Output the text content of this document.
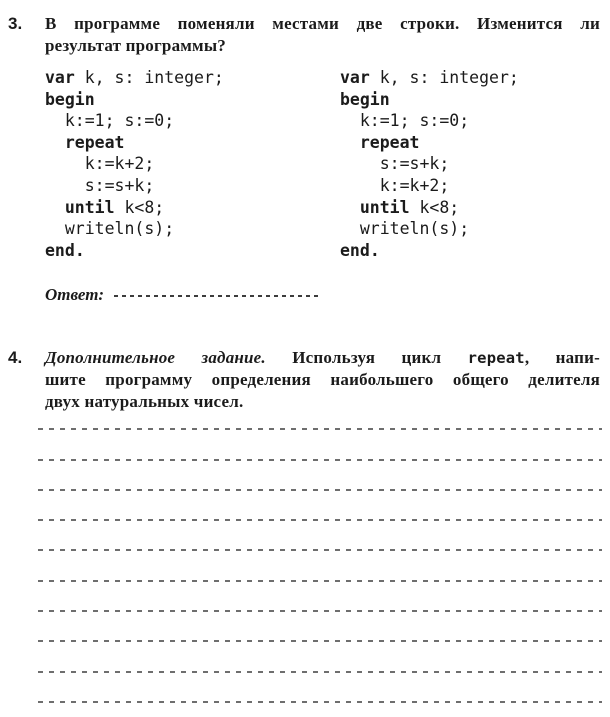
3. В программе поменяли местами две строки. Изменится ли
результат программы?
var k, s: integer;
begin
k:=1; s:=0;
repeat
k:=k+2;
s:=s+k;
until k<8;
writeln(s);
end.
var k, s: integer;
begin
k:=1; s:=0;
repeat
s:=s+k;
k:=k+2;
until k<8;
writeln(s);
end.
Ответ:
4. Дополнительное задание. Используя цикл repeat, напи-
шите программу определения наибольшего общего делителя
двух натуральных чисел.
